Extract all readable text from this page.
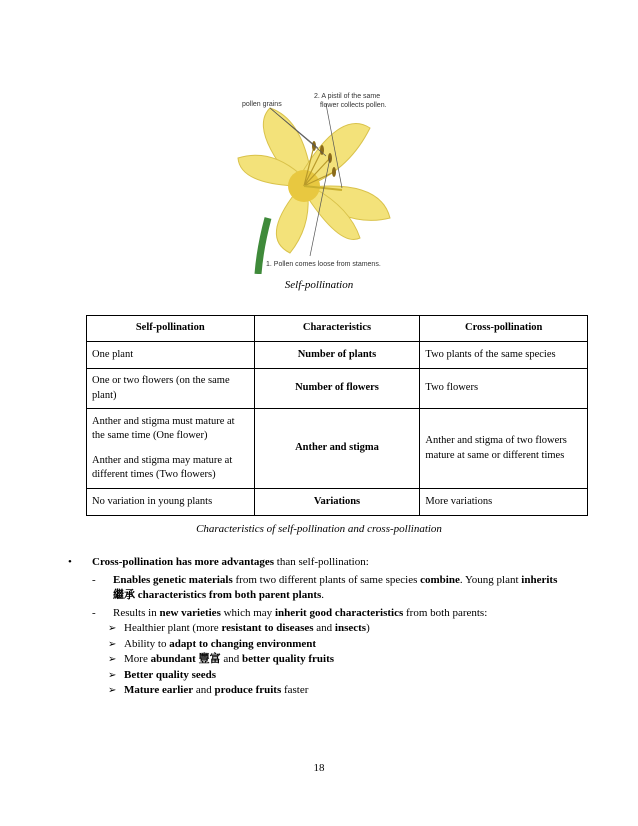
pollen grains
2. A pistil of the same
flower collects pollen.
1. Pollen comes loose from stamens.
Self-pollination
Self-pollination	Characteristics	Cross-pollination
One plant	Number of plants	Two plants of the same species
One or two flowers (on the same plant)	Number of flowers	Two flowers

Anther and stigma must mature at the same time (One flower)
Anther and stigma may mature at different times (Two flowers)	Anther and stigma	Anther and stigma of two flowers mature at same or different times
No variation in young plants	Variations	More variations
Characteristics of self-pollination and cross-pollination
• Cross-pollination has more advantages than self-pollination:
- Enables genetic materials from two different plants of same species combine. Young plant inherits
繼承 characteristics from both parent plants.
- Results in new varieties which may inherit good characteristics from both parents:
➢ Healthier plant (more resistant to diseases and insects)
➢ Ability to adapt to changing environment
➢ More abundant 豐富 and better quality fruits
➢ Better quality seeds
➢ Mature earlier and produce fruits faster
18
